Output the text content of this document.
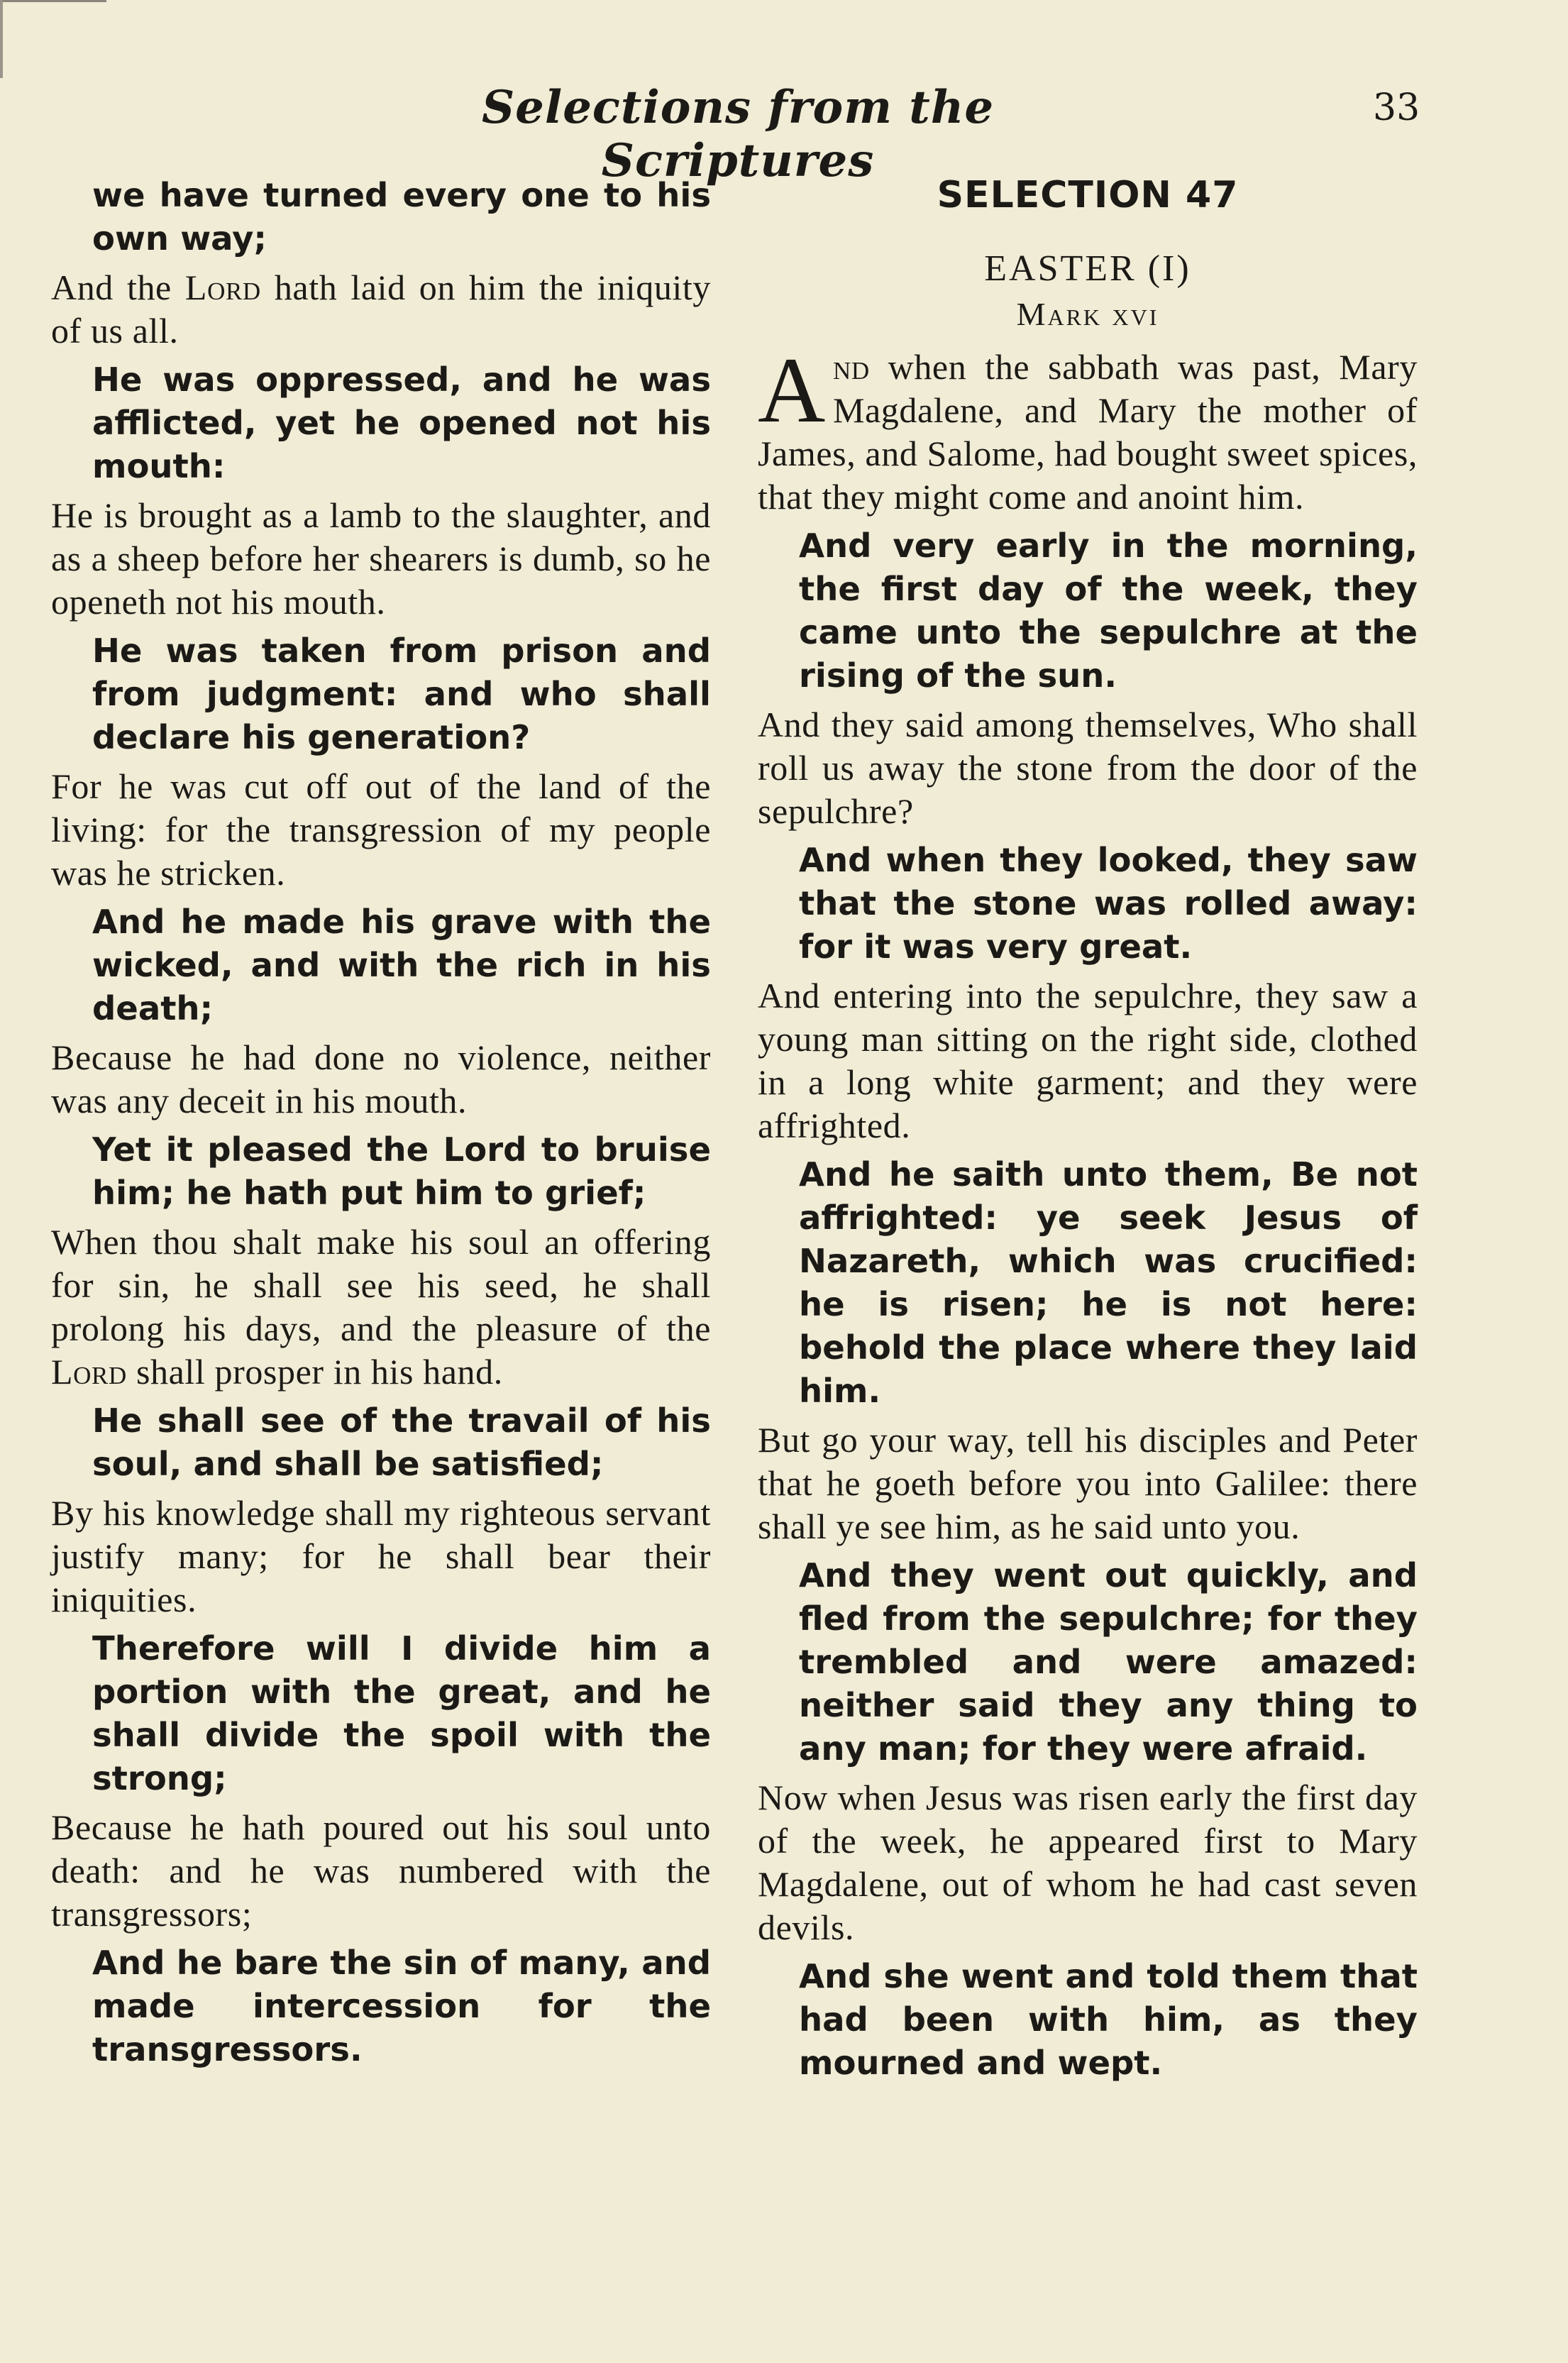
Selections from the Scriptures
33

we have turned every one to his own way;

And the Lord hath laid on him the iniquity of us all.

He was oppressed, and he was afflicted, yet he opened not his mouth:

He is brought as a lamb to the slaughter, and as a sheep before her shearers is dumb, so he openeth not his mouth.

He was taken from prison and from judgment: and who shall declare his generation?

For he was cut off out of the land of the living: for the transgression of my people was he stricken.

And he made his grave with the wicked, and with the rich in his death;

Because he had done no violence, neither was any deceit in his mouth.

Yet it pleased the Lord to bruise him; he hath put him to grief;

When thou shalt make his soul an offering for sin, he shall see his seed, he shall prolong his days, and the pleasure of the Lord shall prosper in his hand.

He shall see of the travail of his soul, and shall be satisfied;

By his knowledge shall my righteous servant justify many; for he shall bear their iniquities.

Therefore will I divide him a portion with the great, and he shall divide the spoil with the strong;

Because he hath poured out his soul unto death: and he was numbered with the transgressors;

And he bare the sin of many, and made intercession for the transgressors.

SELECTION 47
EASTER (I)
Mark xvi

And when the sabbath was past, Mary Magdalene, and Mary the mother of James, and Salome, had bought sweet spices, that they might come and anoint him.

And very early in the morning, the first day of the week, they came unto the sepulchre at the rising of the sun.

And they said among themselves, Who shall roll us away the stone from the door of the sepulchre?

And when they looked, they saw that the stone was rolled away: for it was very great.

And entering into the sepulchre, they saw a young man sitting on the right side, clothed in a long white garment; and they were affrighted.

And he saith unto them, Be not affrighted: ye seek Jesus of Nazareth, which was crucified: he is risen; he is not here: behold the place where they laid him.

But go your way, tell his disciples and Peter that he goeth before you into Galilee: there shall ye see him, as he said unto you.

And they went out quickly, and fled from the sepulchre; for they trembled and were amazed: neither said they any thing to any man; for they were afraid.

Now when Jesus was risen early the first day of the week, he appeared first to Mary Magdalene, out of whom he had cast seven devils.

And she went and told them that had been with him, as they mourned and wept.
